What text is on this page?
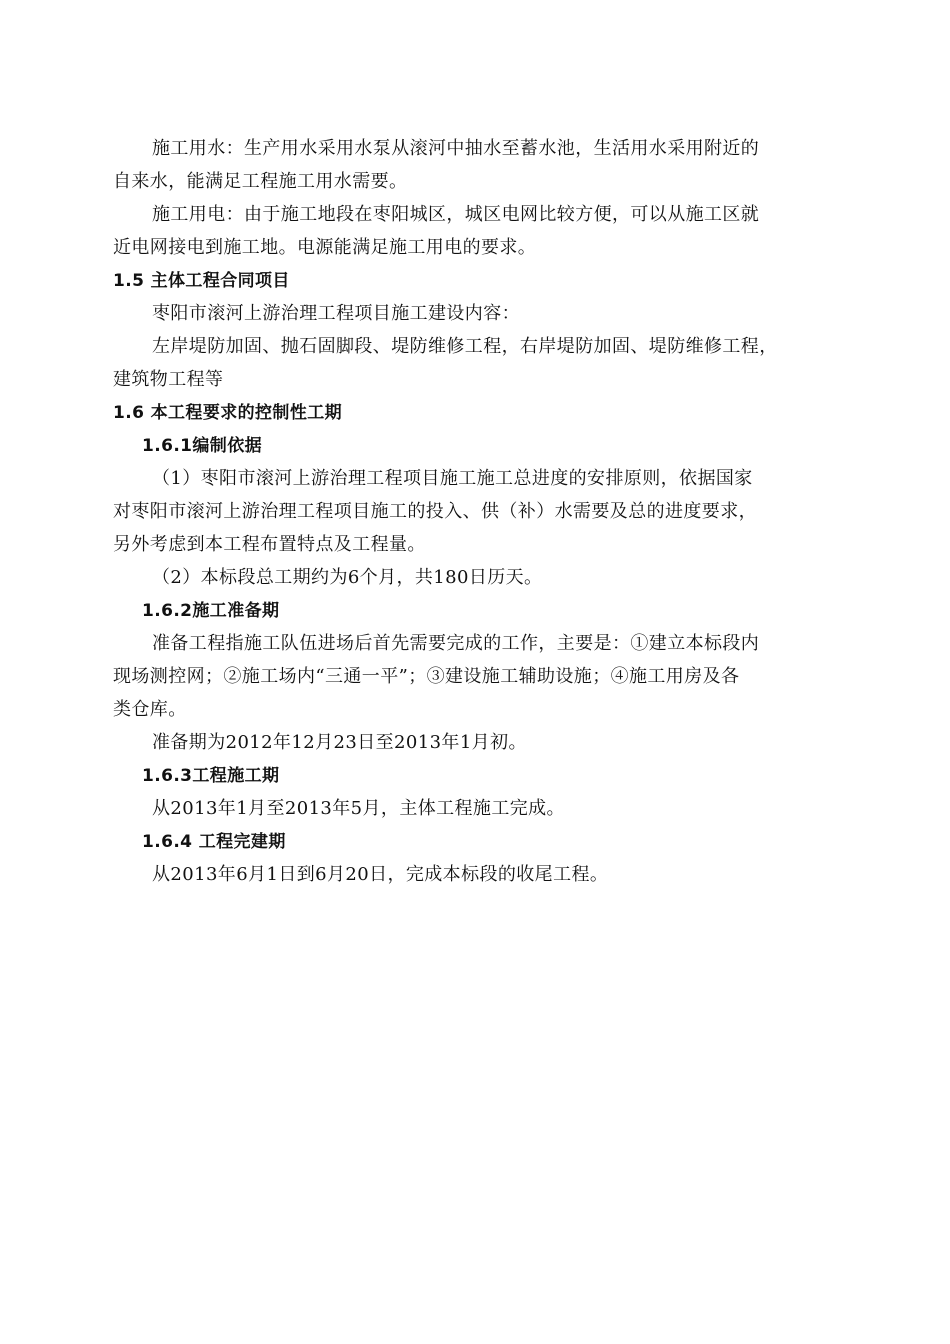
施工用水：生产用水采用水泵从滚河中抽水至蓄水池，生活用水采用附近的
自来水，能满足工程施工用水需要。
施工用电：由于施工地段在枣阳城区，城区电网比较方便，可以从施工区就
近电网接电到施工地。电源能满足施工用电的要求。
1.5 主体工程合同项目
枣阳市滚河上游治理工程项目施工建设内容：
左岸堤防加固、抛石固脚段、堤防维修工程，右岸堤防加固、堤防维修工程，
建筑物工程等
1.6 本工程要求的控制性工期
1.6.1编制依据
（1）枣阳市滚河上游治理工程项目施工施工总进度的安排原则，依据国家
对枣阳市滚河上游治理工程项目施工的投入、供（补）水需要及总的进度要求，
另外考虑到本工程布置特点及工程量。
（2）本标段总工期约为6个月，共180日历天。
1.6.2施工准备期
准备工程指施工队伍进场后首先需要完成的工作，主要是：①建立本标段内
现场测控网；②施工场内“三通一平”；③建设施工辅助设施；④施工用房及各
类仓库。
准备期为2012年12月23日至2013年1月初。
1.6.3工程施工期
从2013年1月至2013年5月，主体工程施工完成。
1.6.4 工程完建期
从2013年6月1日到6月20日，完成本标段的收尾工程。
